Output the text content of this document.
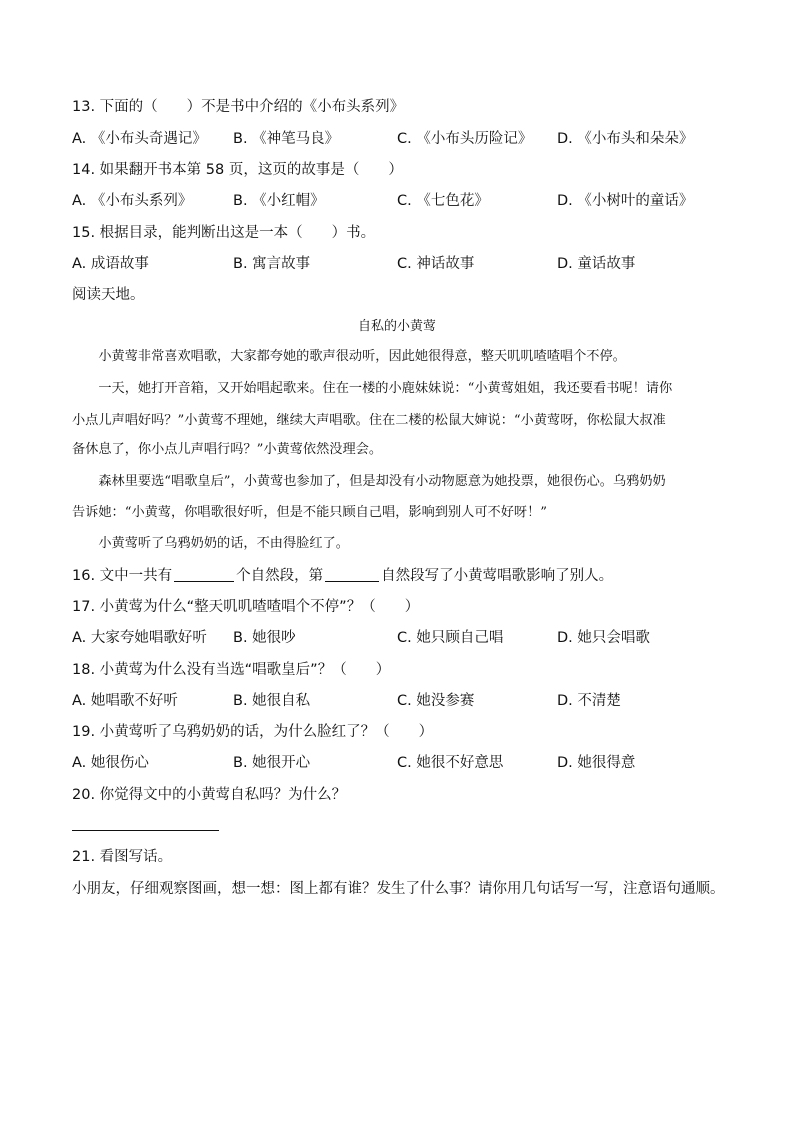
13. 下面的（　　）不是书中介绍的《小布头系列》
A. 《小布头奇遇记》 B. 《神笔马良》	C. 《小布头历险记》 D. 《小布头和朵朵》
14. 如果翻开书本第 58 页，这页的故事是（　　）
A. 《小布头系列》	B. 《小红帽》	C. 《七色花》	D. 《小树叶的童话》
15. 根据目录，能判断出这是一本（　　）书。
A. 成语故事	B. 寓言故事	C. 神话故事	D. 童话故事
阅读天地。
自私的小黄莺
　　小黄莺非常喜欢唱歌，大家都夸她的歌声很动听，因此她很得意，整天叽叽喳喳唱个不停。
　　一天，她打开音箱，又开始唱起歌来。住在一楼的小鹿妹妹说：“小黄莺姐姐，我还要看书呢！请你
小点儿声唱好吗？”小黄莺不理她，继续大声唱歌。住在二楼的松鼠大婶说：“小黄莺呀，你松鼠大叔准
备休息了，你小点儿声唱行吗？”小黄莺依然没理会。
　　森林里要选“唱歌皇后”，小黄莺也参加了，但是却没有小动物愿意为她投票，她很伤心。乌鸦奶奶
告诉她：“小黄莺，你唱歌很好听，但是不能只顾自己唱，影响到别人可不好呀！”
　　小黄莺听了乌鸦奶奶的话，不由得脸红了。
16. 文中一共有	个自然段，第	自然段写了小黄莺唱歌影响了别人。
17. 小黄莺为什么“整天叽叽喳喳唱个不停”？（　　）
A. 大家夸她唱歌好听 B. 她很吵	C. 她只顾自己唱	D. 她只会唱歌
18. 小黄莺为什么没有当选“唱歌皇后”？（　　）
A. 她唱歌不好听	B. 她很自私	C. 她没参赛	D. 不清楚
19. 小黄莺听了乌鸦奶奶的话，为什么脸红了？（　　）
A. 她很伤心	B. 她很开心	C. 她很不好意思	D. 她很得意
20. 你觉得文中的小黄莺自私吗？为什么？
21. 看图写话。
小朋友，仔细观察图画，想一想：图上都有谁？发生了什么事？请你用几句话写一写，注意语句通顺。
